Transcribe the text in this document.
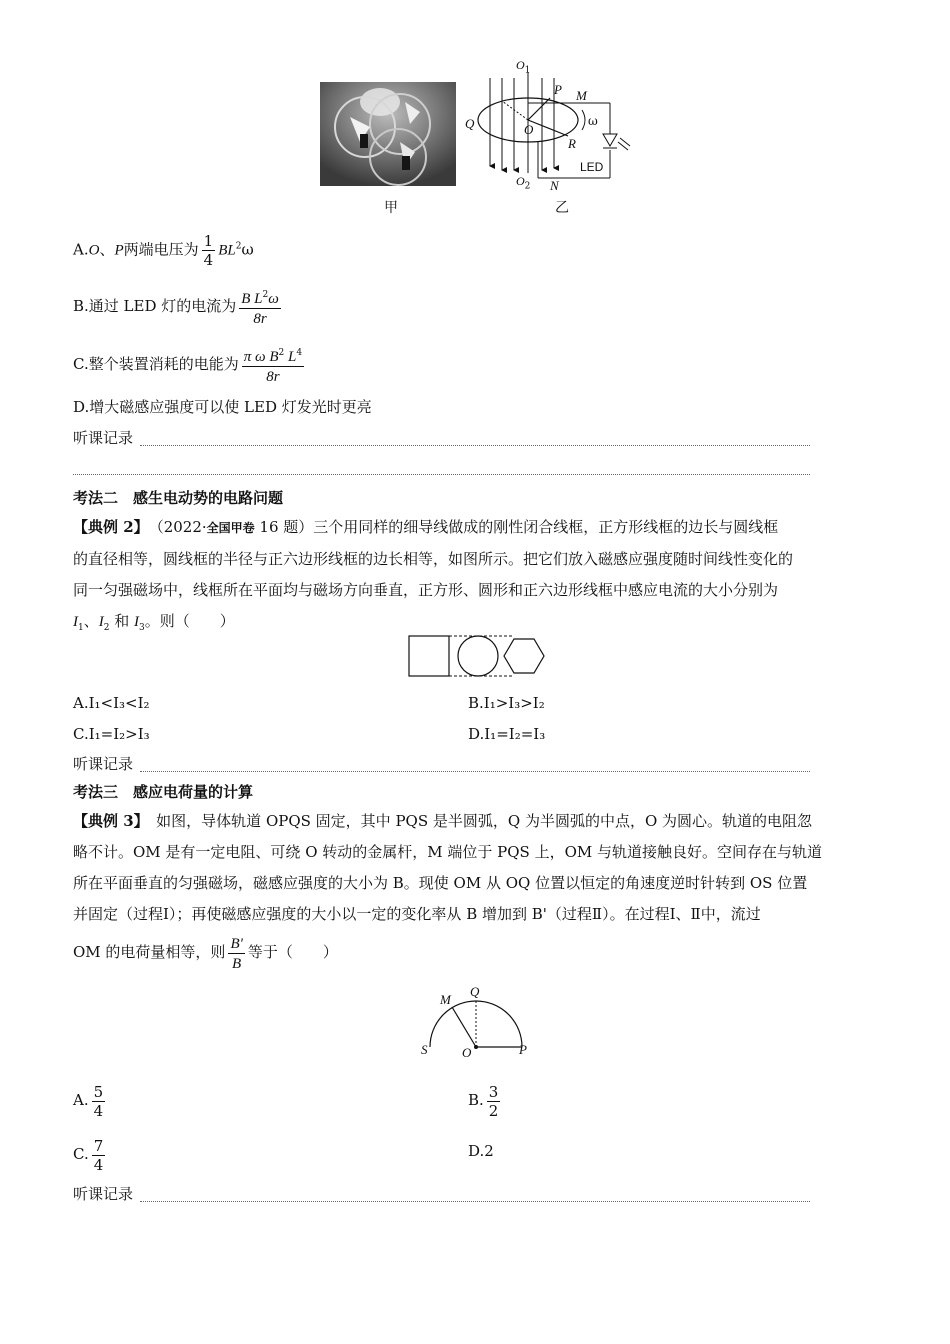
$O_1$
$O_2$
P M
Q	O
R
N
ω
LED
甲	乙
A.O、P两端电压为 $\frac{1}{4} BL^2\omega$
B.通过 LED 灯的电流为 $\frac{B L^2\omega}{8r}$
C.整个装置消耗的电能为 $\frac{\pi \omega B^2 L^4}{8r}$
D.增大磁感应强度可以使 LED 灯发光时更亮
听课记录
考法二　感生电动势的电路问题
【典例 2】　 （2022·全国甲卷 16 题）三个用同样的细导线做成的刚性闭合线框，正方形线框的边长与圆线框
的直径相等，圆线框的半径与正六边形线框的边长相等，如图所示。把它们放入磁感应强度随时间线性变化的
同一匀强磁场中，线框所在平面均与磁场方向垂直，正方形、圆形和正六边形线框中感应电流的大小分别为
$I_1$、$I_2$ 和 $I_3$。则（　　）
A.I₁<I₃<I₂	B.I₁>I₃>I₂
C.I₁=I₂>I₃	D.I₁=I₂=I₃
听课记录
考法三　感应电荷量的计算
【典例 3】　如图，导体轨道 OPQS 固定，其中 PQS 是半圆弧，Q 为半圆弧的中点，O 为圆心。轨道的电阻忽
略不计。OM 是有一定电阻、可绕 O 转动的金属杆，M 端位于 PQS 上，OM 与轨道接触良好。空间存在与轨道
所在平面垂直的匀强磁场，磁感应强度的大小为 B。现使 OM 从 OQ 位置以恒定的角速度逆时针转到 OS 位置
并固定（过程Ⅰ）；再使磁感应强度的大小以一定的变化率从 B 增加到 B'（过程Ⅱ）。在过程Ⅰ、Ⅱ中，流过
OM 的电荷量相等，则 $\frac{B'}{B}$ 等于（　　）
M
Q
S	O	P
A. $\frac{5}{4}$	B. $\frac{3}{2}$
C. $\frac{7}{4}$	D.2
听课记录
